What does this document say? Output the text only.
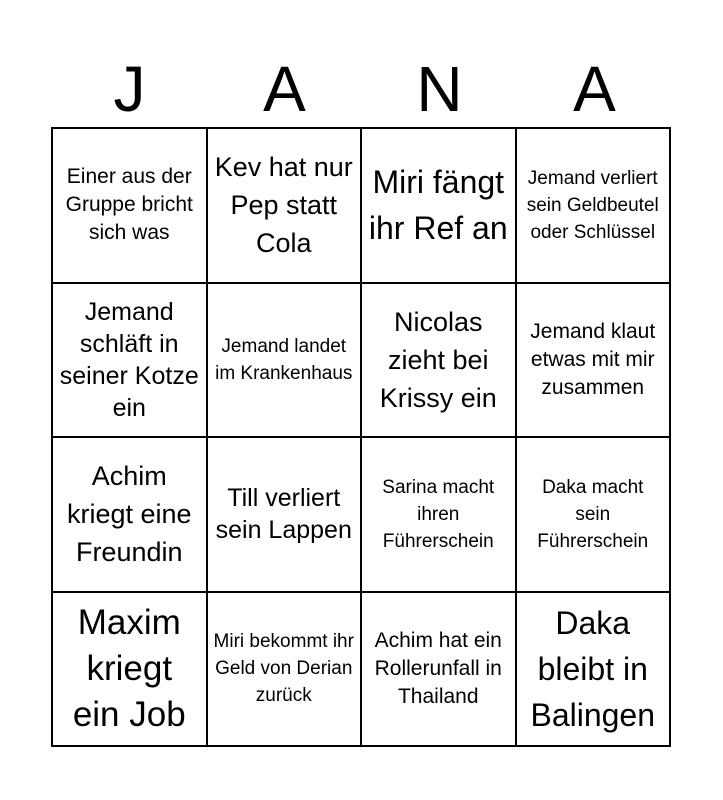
J	A	N	A
Einer aus der Gruppe bricht sich was
Kev hat nur Pep statt Cola
Miri fängt ihr Ref an
Jemand verliert sein Geldbeutel oder Schlüssel
Jemand schläft in seiner Kotze ein
Jemand landet im Krankenhaus
Nicolas zieht bei Krissy ein
Jemand klaut etwas mit mir zusammen
Achim kriegt eine Freundin
Till verliert sein Lappen
Sarina macht ihren Führerschein
Daka macht sein Führerschein
Maxim kriegt ein Job
Miri bekommt ihr Geld von Derian zurück
Achim hat ein Rollerunfall in Thailand
Daka bleibt in Balingen
